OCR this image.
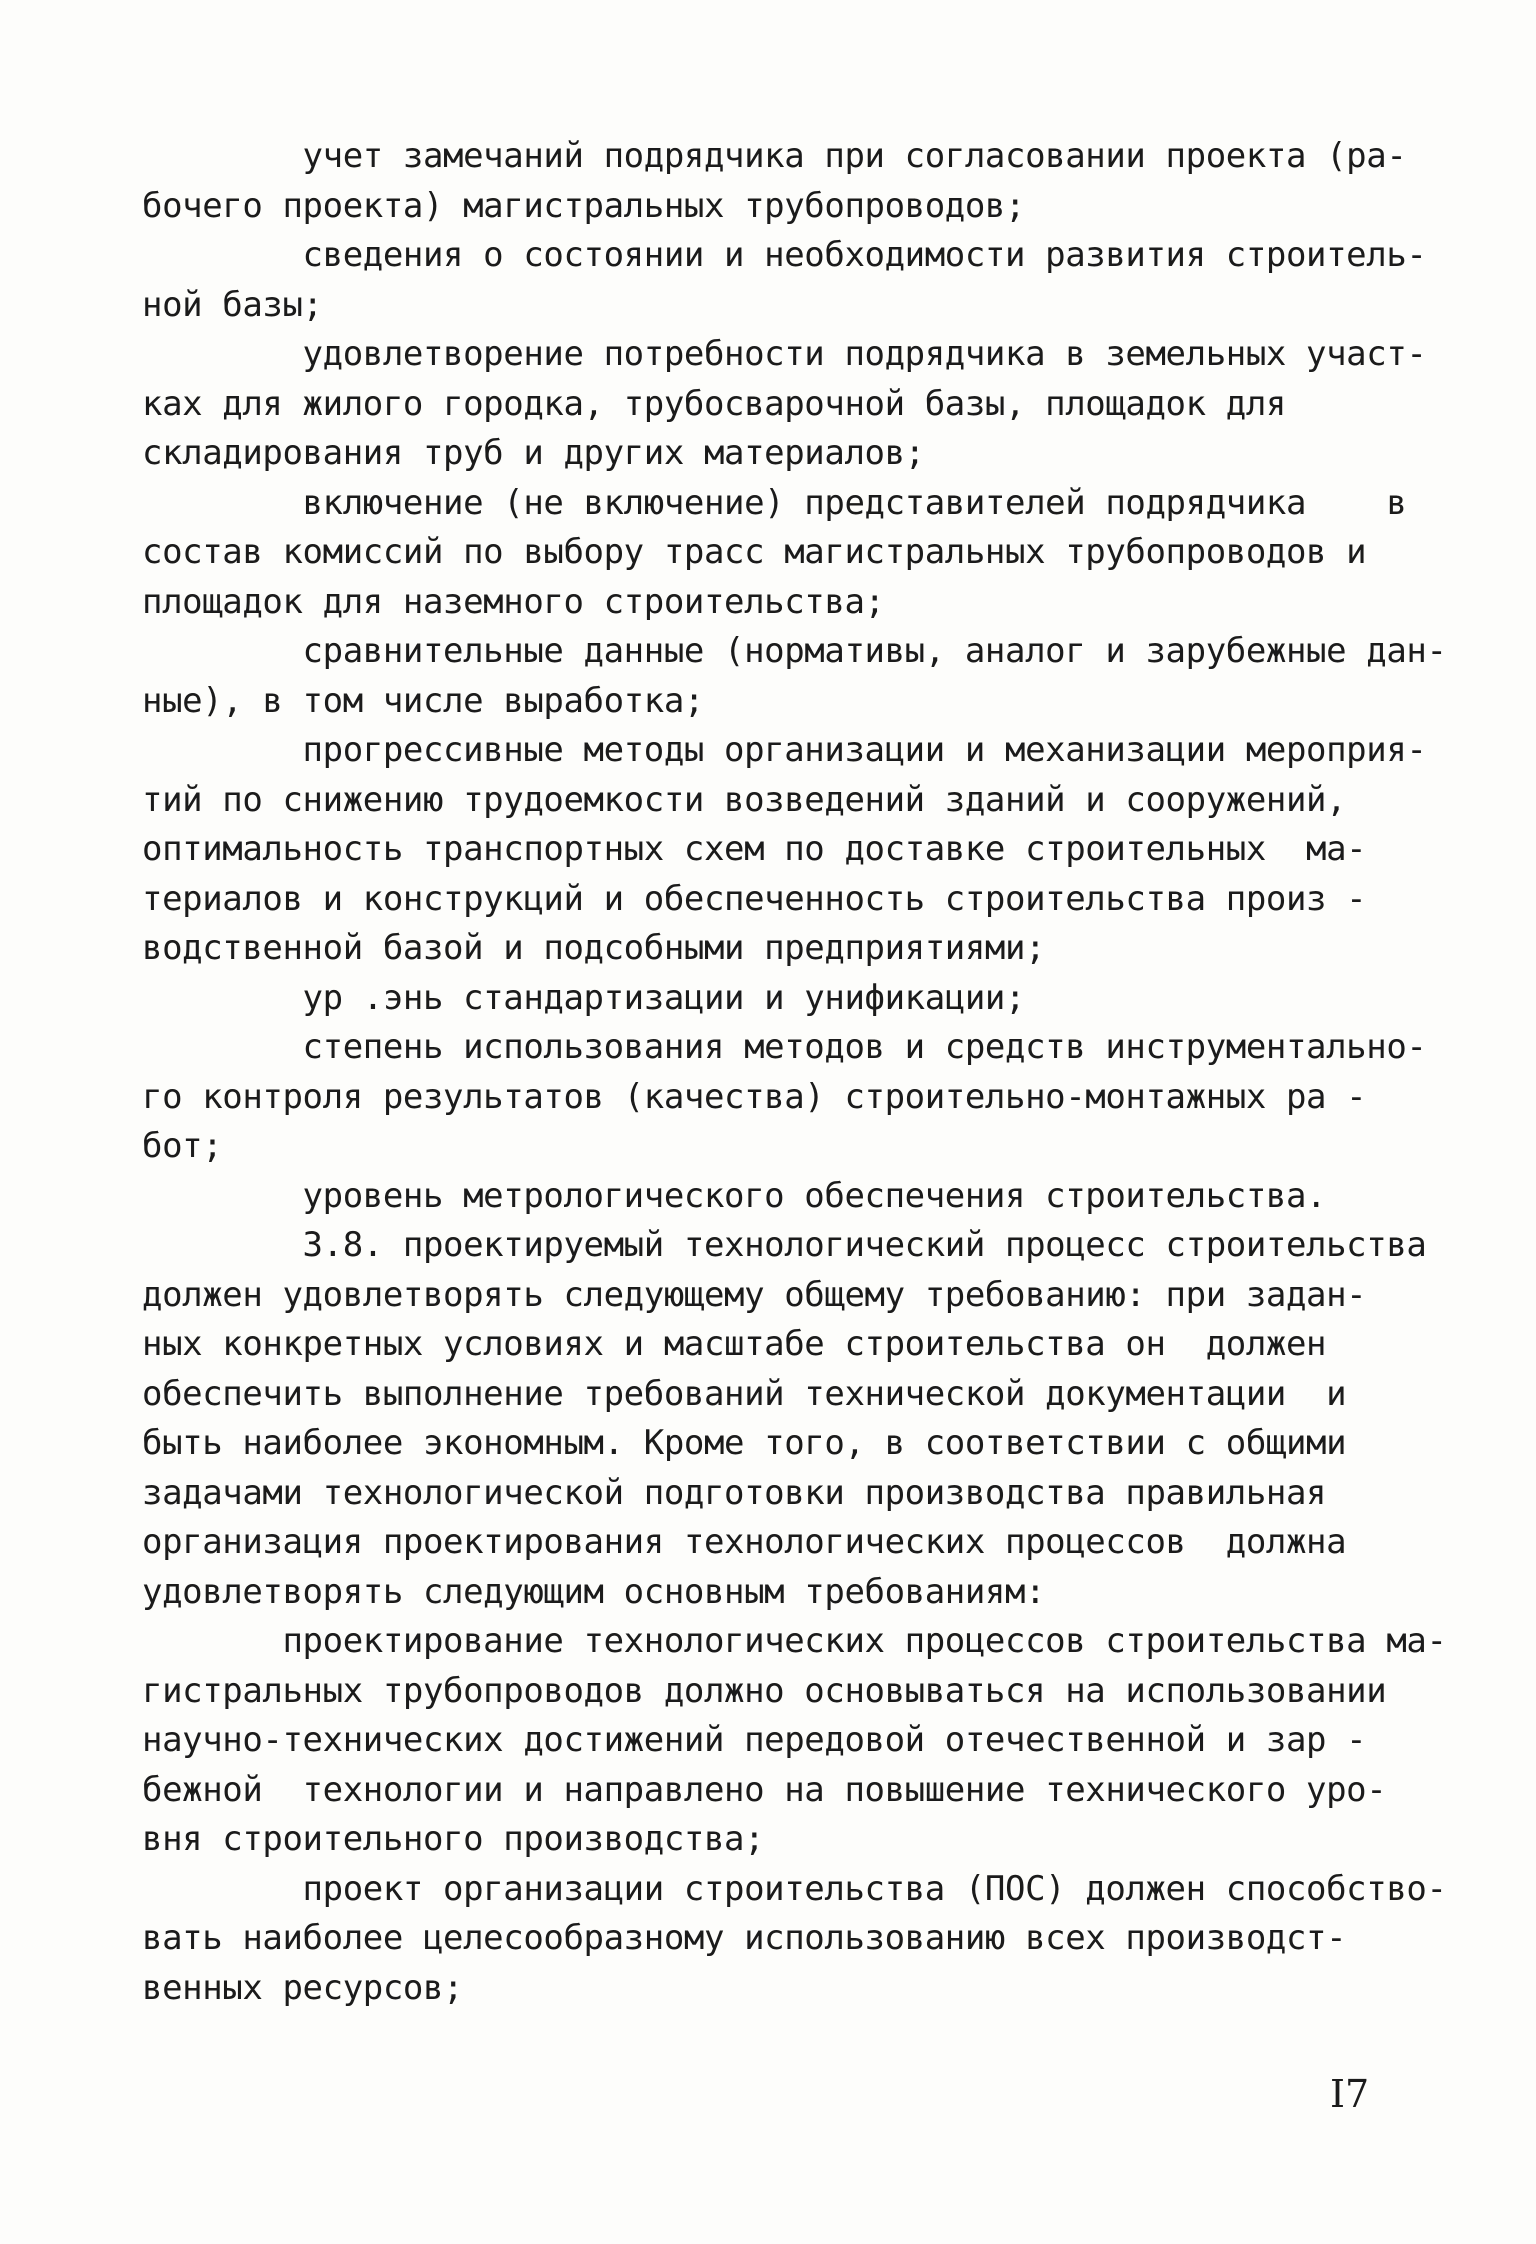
учет замечаний подрядчика при согласовании проекта (ра-
бочего проекта) магистральных трубопроводов;
сведения о состоянии и необходимости развития строитель-
ной базы;
удовлетворение потребности подрядчика в земельных участ-
ках для жилого городка, трубосварочной базы, площадок для
складирования труб и других материалов;
включение (не включение) представителей подрядчика    в
состав комиссий по выбору трасс магистральных трубопроводов и
площадок для наземного строительства;
сравнительные данные (нормативы, аналог и зарубежные дан-
ные), в том числе выработка;
прогрессивные методы организации и механизации мероприя-
тий по снижению трудоемкости возведений зданий и сооружений,
оптимальность транспортных схем по доставке строительных  ма-
териалов и конструкций и обеспеченность строительства произ -
водственной базой и подсобными предприятиями;
ур .энь стандартизации и унификации;
степень использования методов и средств инструментально-
го контроля результатов (качества) строительно-монтажных ра -
бот;
уровень метрологического обеспечения строительства.
3.8. проектируемый технологический процесс строительства
должен удовлетворять следующему общему требованию: при задан-
ных конкретных условиях и масштабе строительства он  должен
обеспечить выполнение требований технической документации  и
быть наиболее экономным. Кроме того, в соответствии с общими
задачами технологической подготовки производства правильная
организация проектирования технологических процессов  должна
удовлетворять следующим основным требованиям:
проектирование технологических процессов строительства ма-
гистральных трубопроводов должно основываться на использовании
научно-технических достижений передовой отечественной и зар -
бежной  технологии и направлено на повышение технического уро-
вня строительного производства;
проект организации строительства (ПОС) должен способство-
вать наиболее целесообразному использованию всех производст-
венных ресурсов;
I7
